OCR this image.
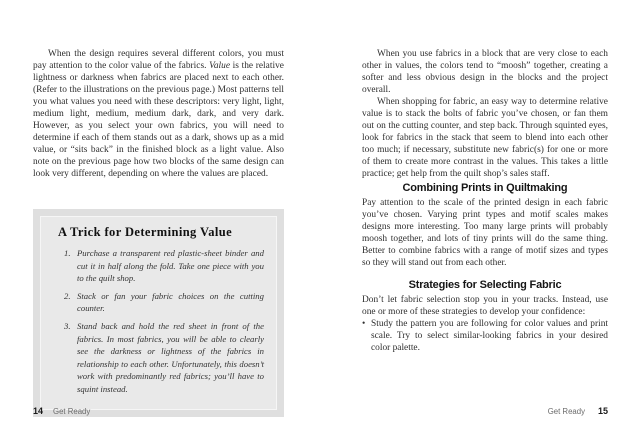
When the design requires several different colors, you must pay attention to the color value of the fabrics. Value is the relative lightness or darkness when fabrics are placed next to each other. (Refer to the illustrations on the previous page.) Most patterns tell you what values you need with these descriptors: very light, light, medium light, medium, medium dark, dark, and very dark. However, as you select your own fabrics, you will need to determine if each of them stands out as a dark, shows up as a mid value, or “sits back” in the finished block as a light value. Also note on the previous page how two blocks of the same design can look very different, depending on where the values are placed.

A Trick for Determining Value
1. Purchase a transparent red plastic-sheet binder and cut it in half along the fold. Take one piece with you to the quilt shop.
2. Stack or fan your fabric choices on the cutting counter.
3. Stand back and hold the red sheet in front of the fabrics. In most fabrics, you will be able to clearly see the darkness or lightness of the fabrics in relationship to each other. Unfortunately, this doesn’t work with predominantly red fabrics; you’ll have to squint instead.

When you use fabrics in a block that are very close to each other in values, the colors tend to “moosh” together, creating a softer and less obvious design in the blocks and the project overall.

When shopping for fabric, an easy way to determine relative value is to stack the bolts of fabric you’ve chosen, or fan them out on the cutting counter, and step back. Through squinted eyes, look for fabrics in the stack that seem to blend into each other too much; if necessary, substitute new fabric(s) for one or more of them to create more contrast in the values. This takes a little practice; get help from the quilt shop’s sales staff.

Combining Prints in Quiltmaking

Pay attention to the scale of the printed design in each fabric you’ve chosen. Varying print types and motif scales makes designs more interesting. Too many large prints will probably moosh together, and lots of tiny prints will do the same thing. Better to combine fabrics with a range of motif sizes and types so they will stand out from each other.

Strategies for Selecting Fabric

Don’t let fabric selection stop you in your tracks. Instead, use one or more of these strategies to develop your confidence:

• Study the pattern you are following for color values and print scale. Try to select similar-looking fabrics in your desired color palette.
14 Get Ready	Get Ready 15
